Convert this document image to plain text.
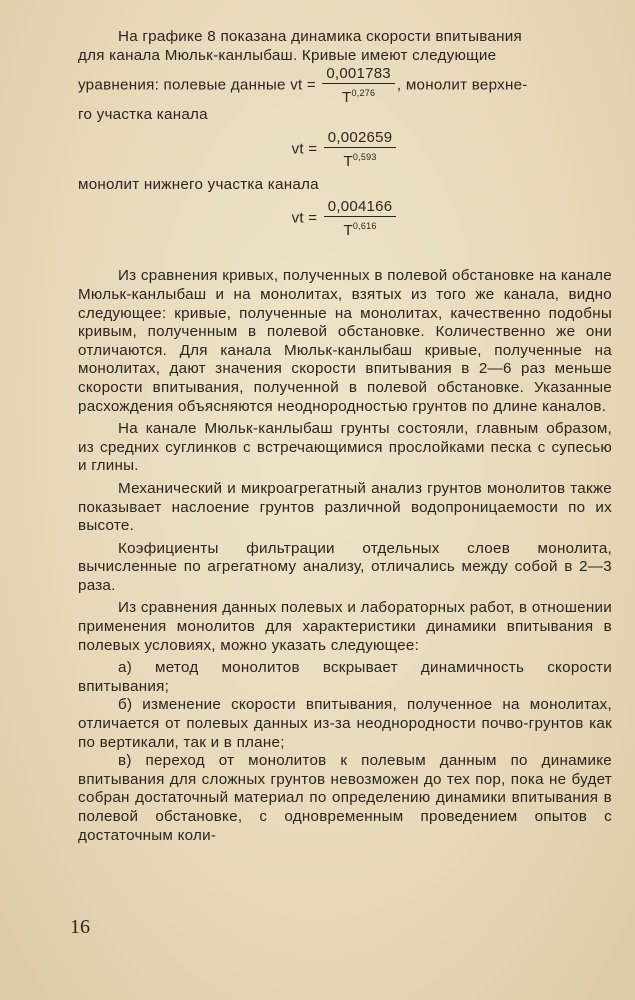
На графике 8 показана динамика скорости впитывания

для канала Мюльк-канлыбаш. Кривые имеют следующие

уравнения: полевые данные vt = $\frac{0,001783}{T^{0,276}}$ , монолит верхне-

го участка канала

vt = $\frac{0,002659}{T^{0,593}}$

монолит нижнего участка канала

vt = $\frac{0,004166}{T^{0,616}}$

Из сравнения кривых, полученных в полевой обстановке на канале Мюльк-канлыбаш и на монолитах, взятых из того же канала, видно следующее: кривые, полученные на монолитах, качественно подобны кривым, полученным в полевой обстановке. Количественно же они отличаются. Для канала Мюльк-канлыбаш кривые, полученные на монолитах, дают значения скорости впитывания в 2—6 раз меньше скорости впитывания, полученной в полевой обстановке. Указанные расхождения объясняются неоднородностью грунтов по длине каналов.

На канале Мюльк-канлыбаш грунты состояли, главным образом, из средних суглинков с встречающимися прослойками песка с супесью и глины.

Механический и микроагрегатный анализ грунтов монолитов также показывает наслоение грунтов различной водопроницаемости по их высоте.

Коэфициенты фильтрации отдельных слоев монолита, вычисленные по агрегатному анализу, отличались между собой в 2—3 раза.

Из сравнения данных полевых и лабораторных работ, в отношении применения монолитов для характеристики динамики впитывания в полевых условиях, можно указать следующее:

а) метод монолитов вскрывает динамичность скорости впитывания;

б) изменение скорости впитывания, полученное на монолитах, отличается от полевых данных из-за неоднородности почво-грунтов как по вертикали, так и в плане;

в) переход от монолитов к полевым данным по динамике впитывания для сложных грунтов невозможен до тех пор, пока не будет собран достаточный материал по определению динамики впитывания в полевой обстановке, с одновременным проведением опытов с достаточным коли-

16
